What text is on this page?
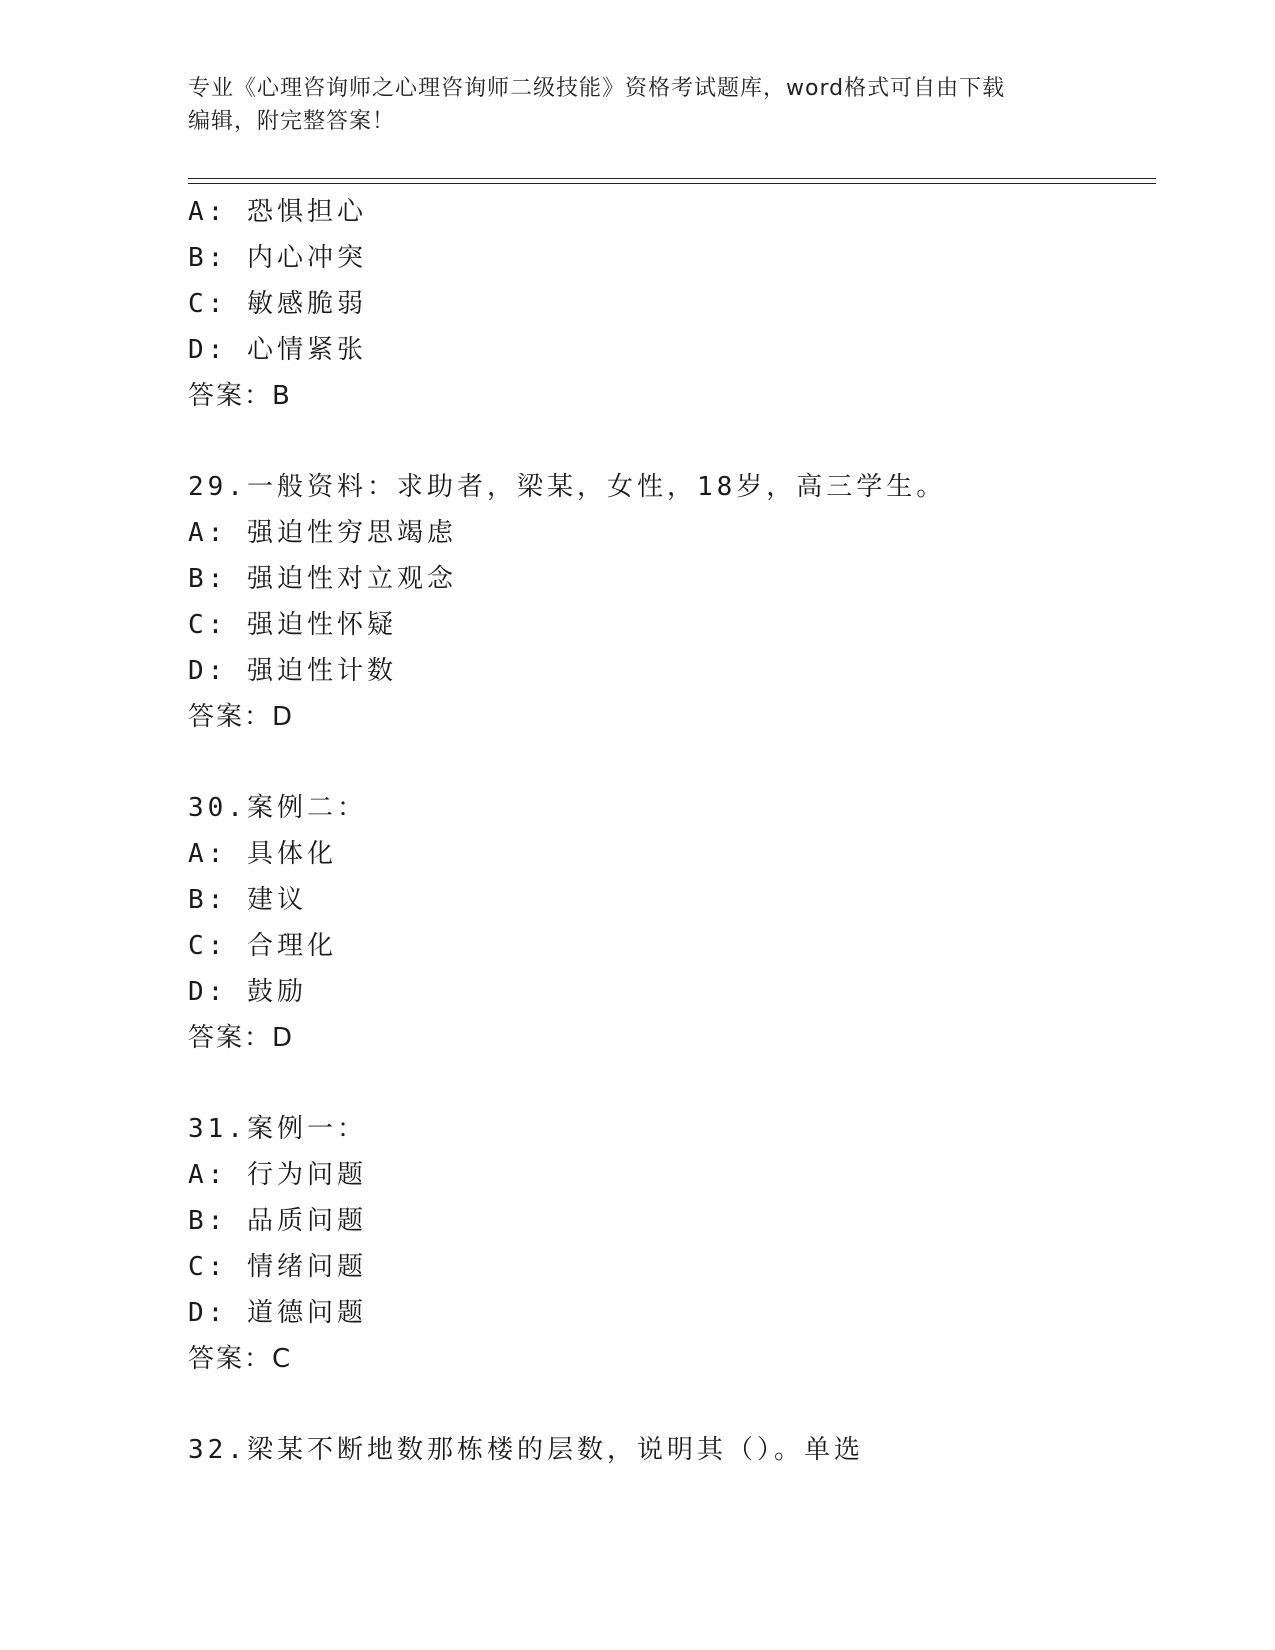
专业《心理咨询师之心理咨询师二级技能》资格考试题库，word格式可自由下载
编辑，附完整答案！
A: 恐惧担心
B: 内心冲突
C: 敏感脆弱
D: 心情紧张
答案：B
29.一般资料：求助者，梁某，女性，18岁，高三学生。
A: 强迫性穷思竭虑
B: 强迫性对立观念
C: 强迫性怀疑
D: 强迫性计数
答案：D
30.案例二：
A: 具体化
B: 建议
C: 合理化
D: 鼓励
答案：D
31.案例一：
A: 行为问题
B: 品质问题
C: 情绪问题
D: 道德问题
答案：C
32.梁某不断地数那栋楼的层数，说明其（）。单选
